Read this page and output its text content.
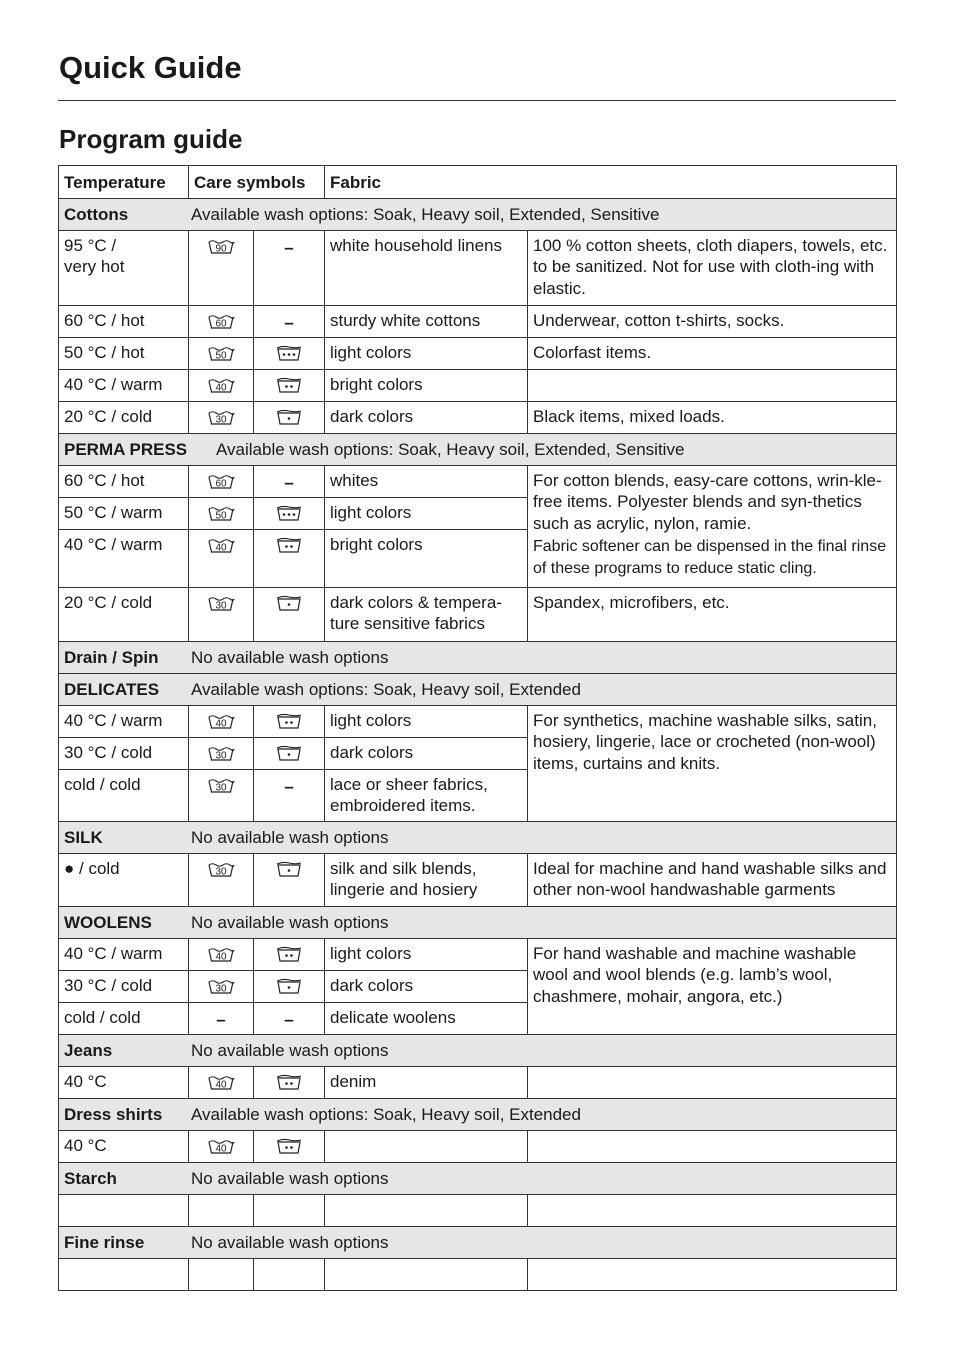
Quick Guide
Program guide
Temperature	Care symbols		Fabric	
Cottons Available wash options: Soak, Heavy soil, Extended, Sensitive				
95 °C /
very hot	90	–	white household linens	100 % cotton sheets, cloth diapers, towels, etc. to be sanitized. Not for use with cloth-ing with elastic.
60 °C / hot	60	–	sturdy white cottons	Underwear, cotton t-shirts, socks.
50 °C / hot	50		light colors	Colorfast items.
40 °C / warm	40		bright colors	
20 °C / cold	30		dark colors	Black items, mixed loads.
PERMA PRESS Available wash options: Soak, Heavy soil, Extended, Sensitive				
60 °C / hot	60	–	whites	For cotton blends, easy-care cottons, wrin-kle-free items. Polyester blends and syn-thetics such as acrylic, nylon, ramie.
Fabric softener can be dispensed in the final rinse of these programs to reduce static cling.

50 °C / warm	50		light colors	
40 °C / warm	40		bright colors	
20 °C / cold	30		dark colors & tempera-ture sensitive fabrics	Spandex, microfibers, etc.
Drain / Spin No available wash options				
DELICATES Available wash options: Soak, Heavy soil, Extended				
40 °C / warm	40		light colors	For synthetics, machine washable silks, satin, hosiery, lingerie, lace or crocheted (non-wool) items, curtains and knits.
30 °C / cold	30		dark colors	
cold / cold	30	–	lace or sheer fabrics, embroidered items.	
SILK No available wash options				
● / cold	30		silk and silk blends, lingerie and hosiery	Ideal for machine and hand washable silks and other non-wool handwashable garments
WOOLENS No available wash options				
40 °C / warm	40		light colors	For hand washable and machine washable wool and wool blends (e.g. lamb’s wool, chashmere, mohair, angora, etc.)
30 °C / cold	30		dark colors	
cold / cold	–	–	delicate woolens	
Jeans No available wash options				
40 °C	40		denim	
Dress shirts Available wash options: Soak, Heavy soil, Extended				
40 °C	40

Starch No available wash options				

Fine rinse No available wash options				
